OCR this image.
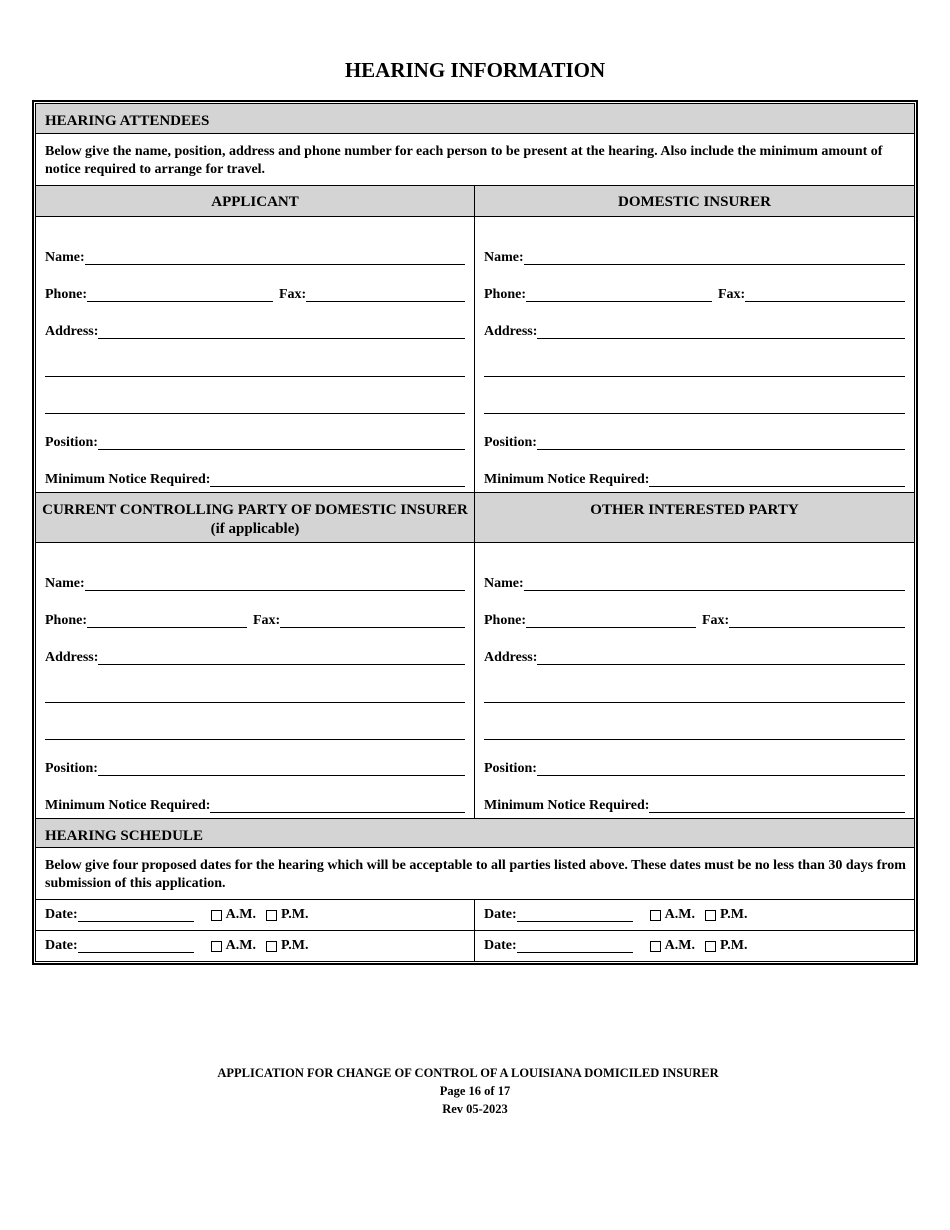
HEARING INFORMATION
HEARING ATTENDEES
Below give the name, position, address and phone number for each person to be present at the hearing. Also include the minimum amount of notice required to arrange for travel.
APPLICANT
Name:
Phone:	Fax:
Address:
Position:
Minimum Notice Required:
DOMESTIC INSURER
Name:
Phone:	Fax:
Address:
Position:
Minimum Notice Required:
CURRENT CONTROLLING PARTY OF DOMESTIC INSURER (if applicable)
Name:
Phone:	Fax:
Address:
Position:
Minimum Notice Required:
OTHER INTERESTED PARTY
Name:
Phone:	Fax:
Address:
Position:
Minimum Notice Required:
HEARING SCHEDULE
Below give four proposed dates for the hearing which will be acceptable to all parties listed above. These dates must be no less than 30 days from submission of this application.
Date:	A.M. P.M.	Date:	A.M. P.M.
Date:	A.M. P.M.	Date:	A.M. P.M.
APPLICATION FOR CHANGE OF CONTROL OF A LOUISIANA DOMICILED INSURER
Page 16 of 17
Rev 05-2023
